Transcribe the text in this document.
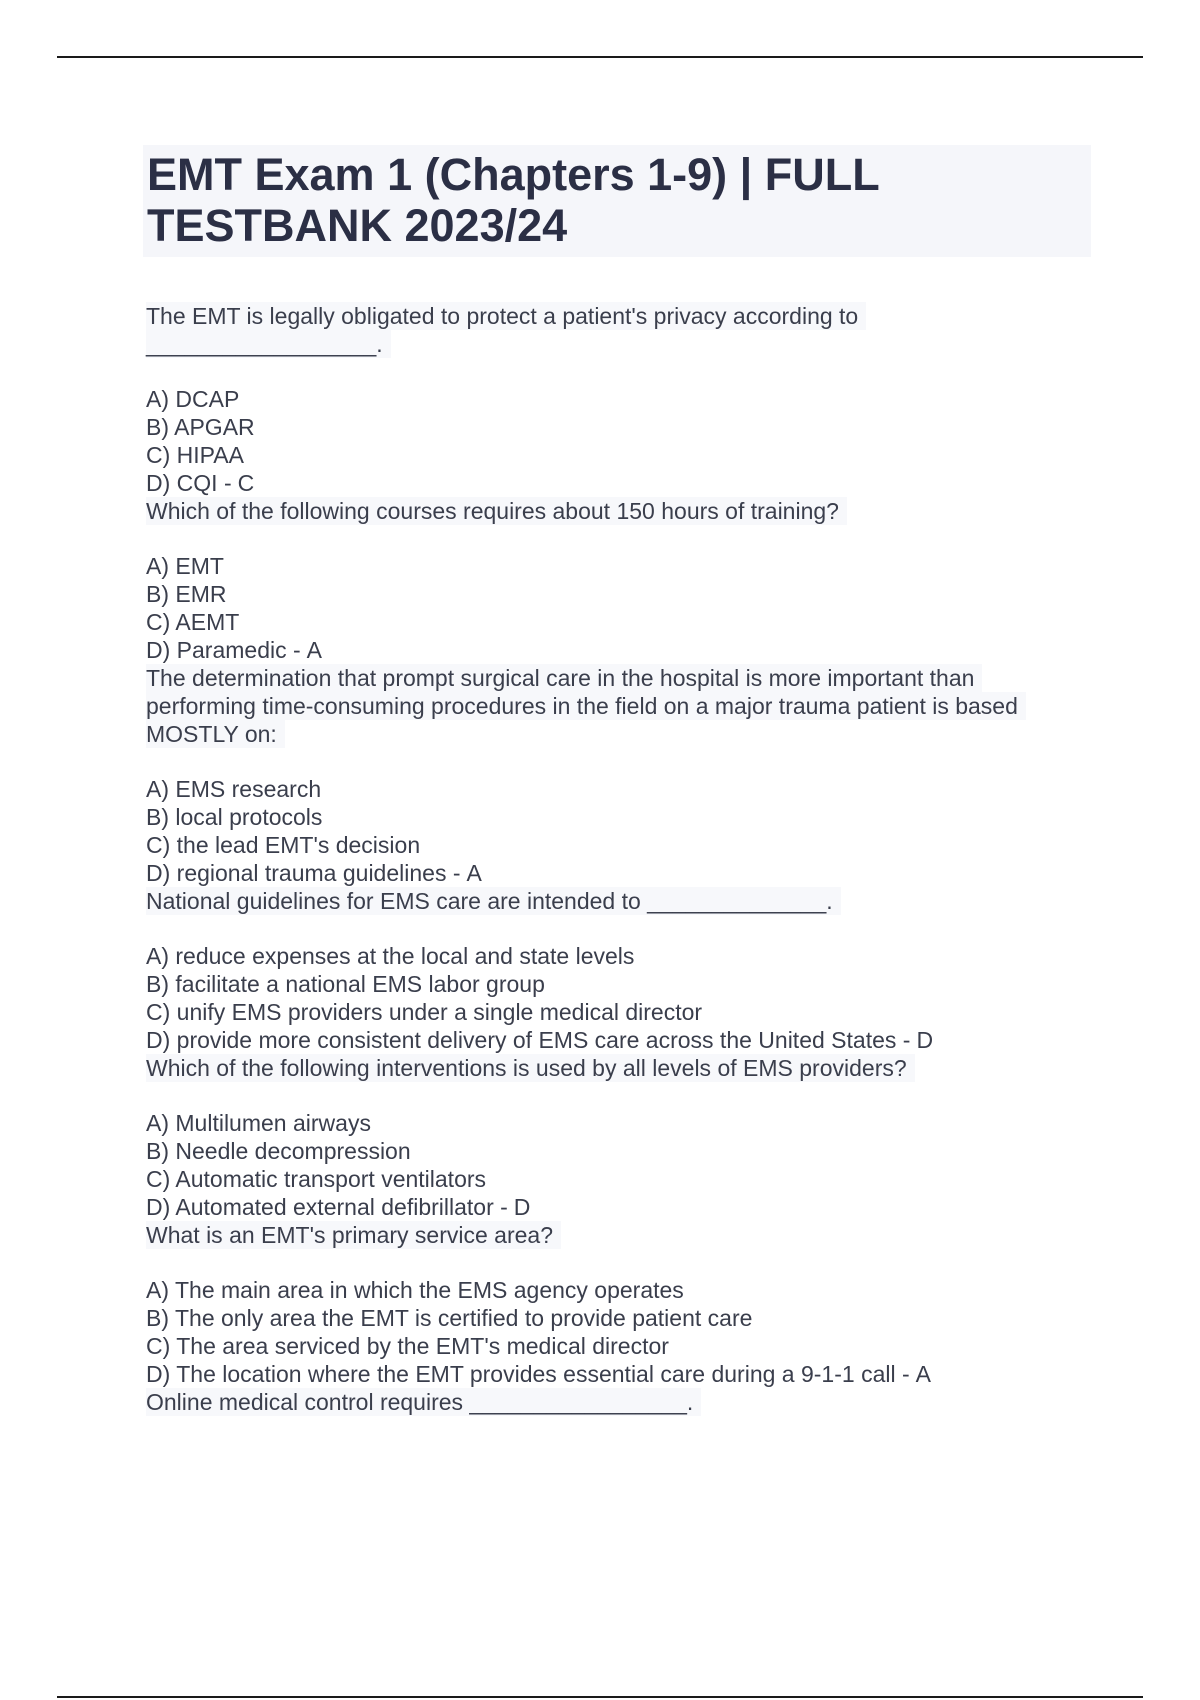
EMT Exam 1 (Chapters 1-9) | FULL
TESTBANK 2023/24
The EMT is legally obligated to protect a patient's privacy according to
__________________.
A) DCAP
B) APGAR
C) HIPAA
D) CQI - C
Which of the following courses requires about 150 hours of training?
A) EMT
B) EMR
C) AEMT
D) Paramedic - A
The determination that prompt surgical care in the hospital is more important than
performing time-consuming procedures in the field on a major trauma patient is based
MOSTLY on:
A) EMS research
B) local protocols
C) the lead EMT's decision
D) regional trauma guidelines - A
National guidelines for EMS care are intended to ______________.
A) reduce expenses at the local and state levels
B) facilitate a national EMS labor group
C) unify EMS providers under a single medical director
D) provide more consistent delivery of EMS care across the United States - D
Which of the following interventions is used by all levels of EMS providers?
A) Multilumen airways
B) Needle decompression
C) Automatic transport ventilators
D) Automated external defibrillator - D
What is an EMT's primary service area?
A) The main area in which the EMS agency operates
B) The only area the EMT is certified to provide patient care
C) The area serviced by the EMT's medical director
D) The location where the EMT provides essential care during a 9-1-1 call - A
Online medical control requires _________________.
